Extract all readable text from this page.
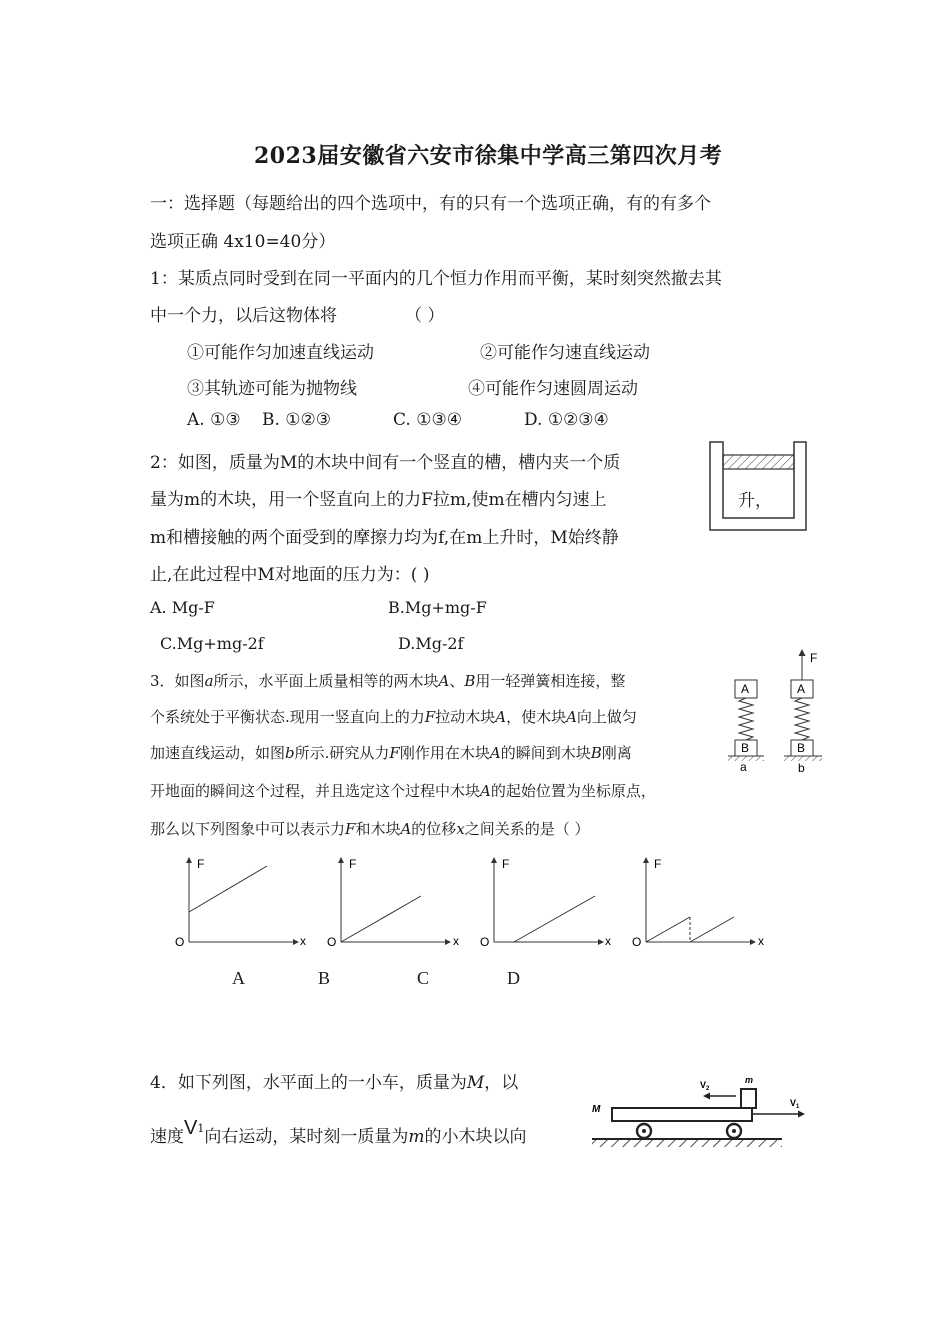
2023届安徽省六安市徐集中学高三第四次月考
一：选择题（每题给出的四个选项中，有的只有一个选项正确，有的有多个
选项正确 4x10=40分）
1：某质点同时受到在同一平面内的几个恒力作用而平衡，某时刻突然撤去其
中一个力，以后这物体将	（ ）
①可能作匀加速直线运动	②可能作匀速直线运动
③其轨迹可能为抛物线	④可能作匀速圆周运动
A. ①③ B. ①②③	C. ①③④	D. ①②③④
2：如图，质量为M的木块中间有一个竖直的槽，槽内夹一个质
量为m的木块，用一个竖直向上的力F拉m,使m在槽内匀速上
m和槽接触的两个面受到的摩擦力均为f,在m上升时，M始终静
止,在此过程中M对地面的压力为：( )
A. Mg-F	B.Mg+mg-F
C.Mg+mg-2f	D.Mg-2f
升，
3．如图a所示，水平面上质量相等的两木块A、B用一轻弹簧相连接，整
个系统处于平衡状态.现用一竖直向上的力F拉动木块A，使木块A向上做匀
加速直线运动，如图b所示.研究从力F刚作用在木块A的瞬间到木块B刚离
开地面的瞬间这个过程，并且选定这个过程中木块A的起始位置为坐标原点，
那么以下列图象中可以表示力F和木块A的位移x之间关系的是（ ）
A
B
a
F
A
B
b
F
O	x
F
O	x
F
O	x
F
O	x
A	B	C	D
4．如下列图，水平面上的一小车，质量为M，以
速度$V^1$向右运动，某时刻一质量为m的小木块以向
M
m
$V_2$
$V_1$
